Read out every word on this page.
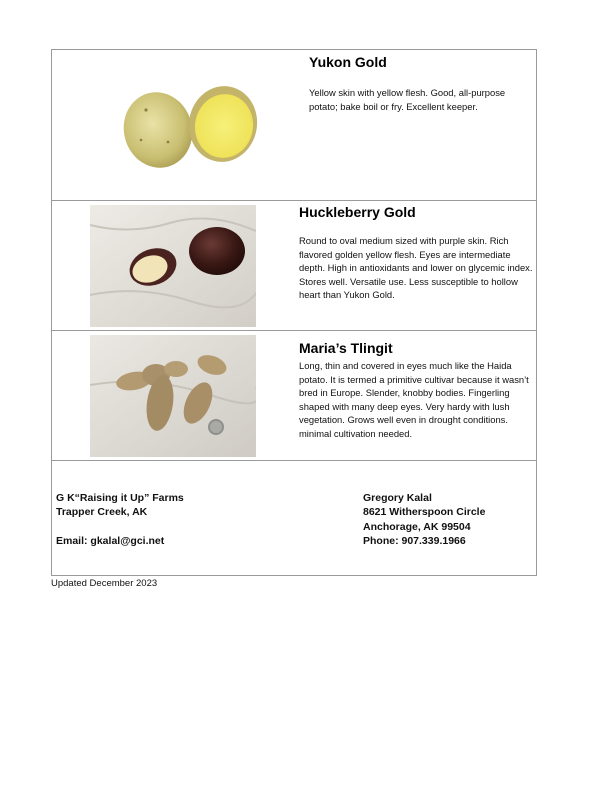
Yukon Gold
Yellow skin with yellow flesh. Good, all-purpose potato; bake boil or fry. Excellent keeper.
Huckleberry Gold
Round to oval medium sized with purple skin. Rich flavored golden yellow flesh. Eyes are intermediate depth. High in antioxidants and lower on glycemic index. Stores well. Versatile use. Less susceptible to hollow heart than Yukon Gold.
Maria’s Tlingit
Long, thin and covered in eyes much like the Haida potato. It is termed a primitive cultivar because it wasn’t bred in Europe. Slender, knobby bodies. Fingerling shaped with many deep eyes. Very hardy with lush vegetation. Grows well even in drought conditions. minimal cultivation needed.
G K“Raising it Up” Farms
Trapper Creek, AK
Email: gkalal@gci.net
Gregory Kalal
8621 Witherspoon Circle
Anchorage, AK 99504
Phone: 907.339.1966
Updated December 2023
